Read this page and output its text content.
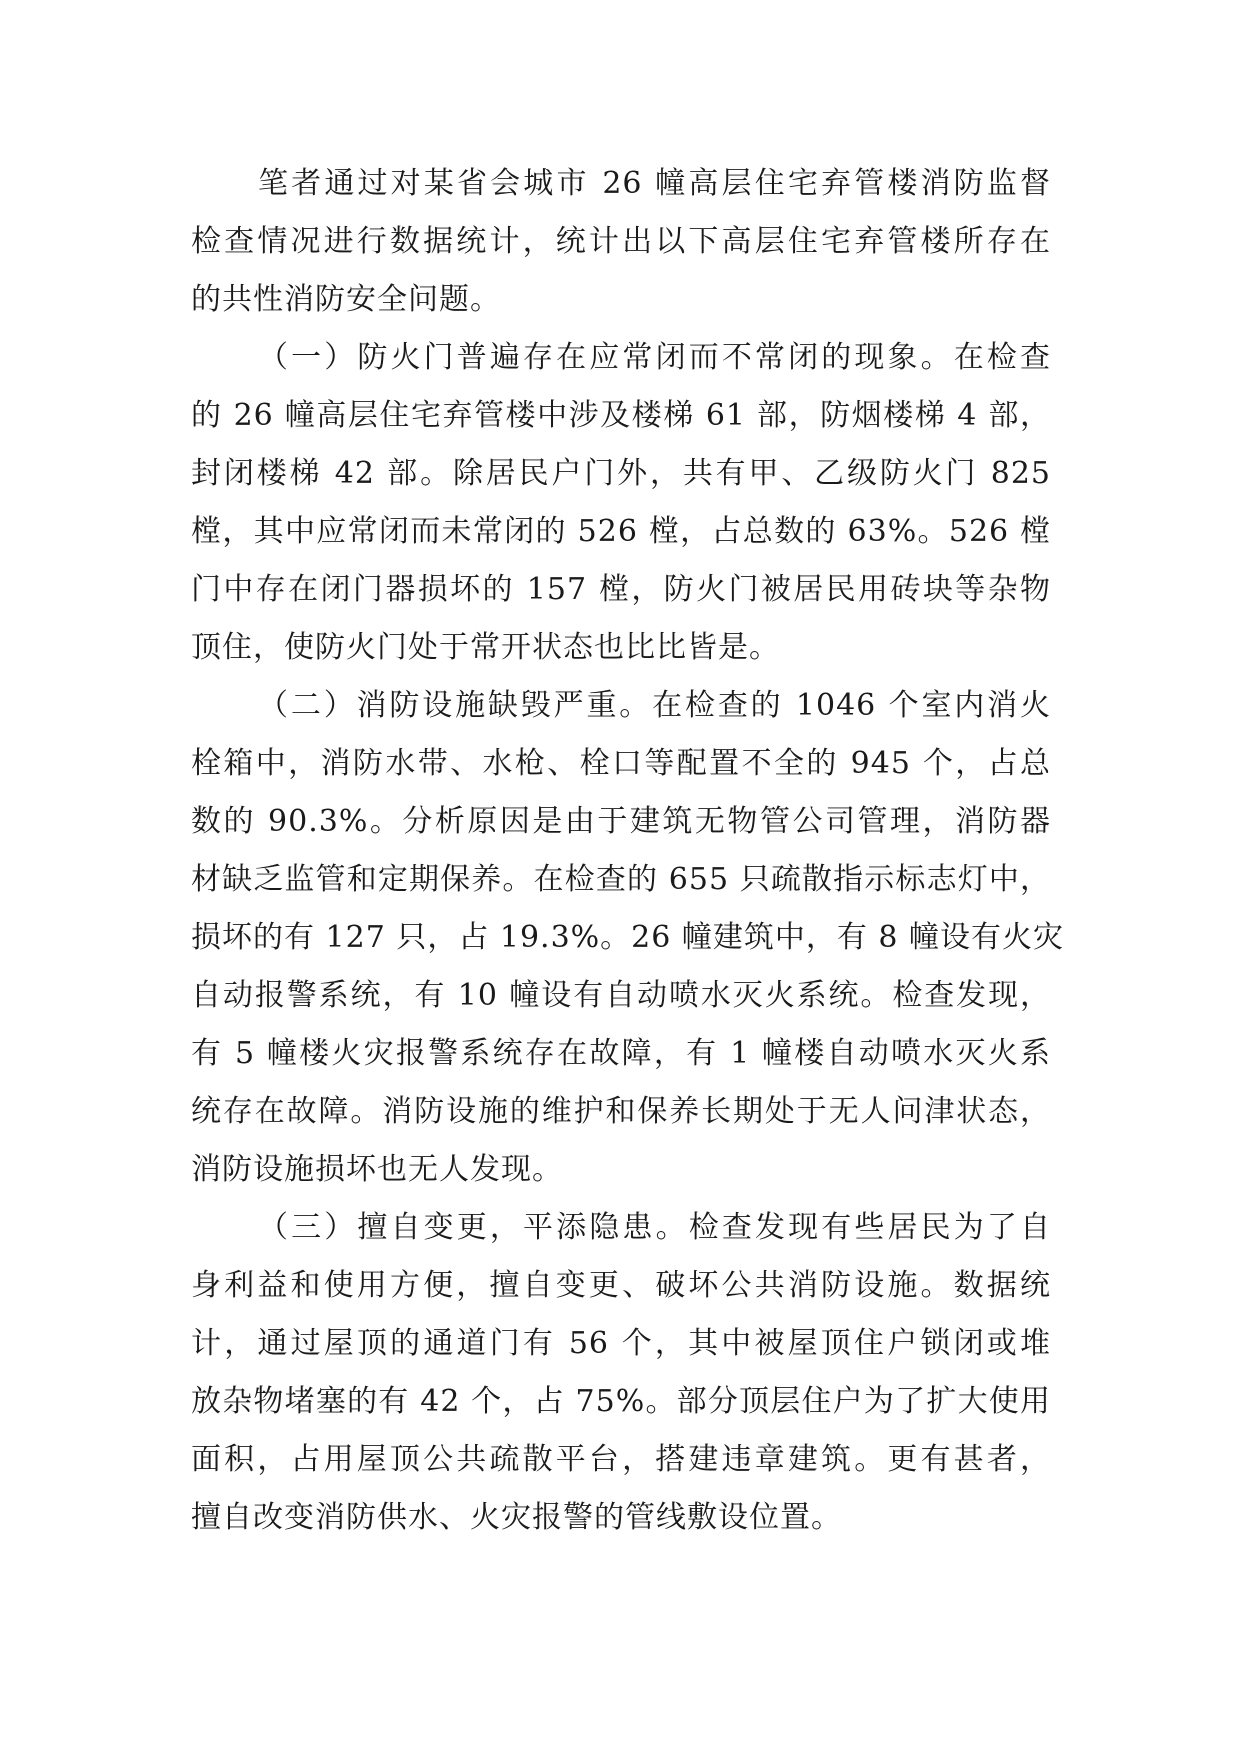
笔者通过对某省会城市 26 幢高层住宅弃管楼消防监督
检查情况进行数据统计，统计出以下高层住宅弃管楼所存在
的共性消防安全问题。
（一）防火门普遍存在应常闭而不常闭的现象。在检查
的 26 幢高层住宅弃管楼中涉及楼梯 61 部，防烟楼梯 4 部，
封闭楼梯 42 部。除居民户门外，共有甲、乙级防火门 825
樘，其中应常闭而未常闭的 526 樘，占总数的 63%。526 樘
门中存在闭门器损坏的 157 樘，防火门被居民用砖块等杂物
顶住，使防火门处于常开状态也比比皆是。
（二）消防设施缺毁严重。在检查的 1046 个室内消火
栓箱中，消防水带、水枪、栓口等配置不全的 945 个，占总
数的 90.3%。分析原因是由于建筑无物管公司管理，消防器
材缺乏监管和定期保养。在检查的 655 只疏散指示标志灯中，
损坏的有 127 只，占 19.3%。26 幢建筑中，有 8 幢设有火灾
自动报警系统，有 10 幢设有自动喷水灭火系统。检查发现，
有 5 幢楼火灾报警系统存在故障，有 1 幢楼自动喷水灭火系
统存在故障。消防设施的维护和保养长期处于无人问津状态，
消防设施损坏也无人发现。
（三）擅自变更，平添隐患。检查发现有些居民为了自
身利益和使用方便，擅自变更、破坏公共消防设施。数据统
计，通过屋顶的通道门有 56 个，其中被屋顶住户锁闭或堆
放杂物堵塞的有 42 个，占 75%。部分顶层住户为了扩大使用
面积，占用屋顶公共疏散平台，搭建违章建筑。更有甚者，
擅自改变消防供水、火灾报警的管线敷设位置。
